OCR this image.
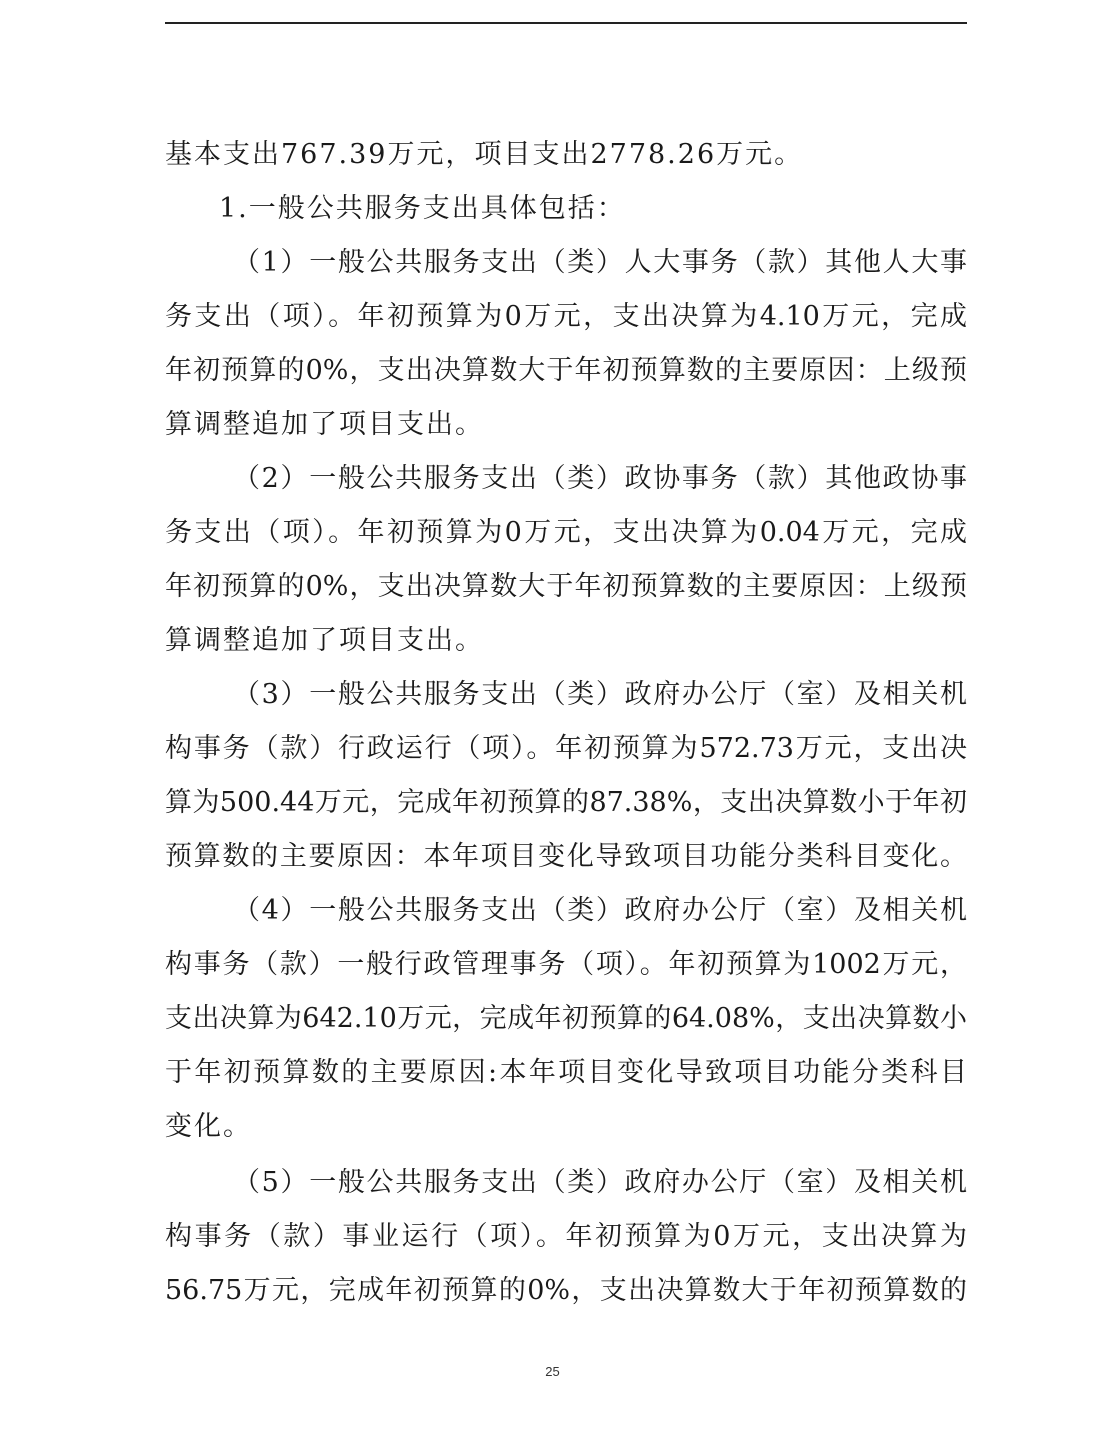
基本支出767.39万元，项目支出2778.26万元。
1.一般公共服务支出具体包括：
（1）一般公共服务支出（类）人大事务（款）其他人大事
务支出（项）。年初预算为0万元，支出决算为4.10万元，完成
年初预算的0%，支出决算数大于年初预算数的主要原因：上级预
算调整追加了项目支出。
（2）一般公共服务支出（类）政协事务（款）其他政协事
务支出（项）。年初预算为0万元，支出决算为0.04万元，完成
年初预算的0%，支出决算数大于年初预算数的主要原因：上级预
算调整追加了项目支出。
（3）一般公共服务支出（类）政府办公厅（室）及相关机
构事务（款）行政运行（项）。年初预算为572.73万元，支出决
算为500.44万元，完成年初预算的87.38%，支出决算数小于年初
预算数的主要原因：本年项目变化导致项目功能分类科目变化。
（4）一般公共服务支出（类）政府办公厅（室）及相关机
构事务（款）一般行政管理事务（项）。年初预算为1002万元，
支出决算为642.10万元，完成年初预算的64.08%，支出决算数小
于年初预算数的主要原因:本年项目变化导致项目功能分类科目
变化。
（5）一般公共服务支出（类）政府办公厅（室）及相关机
构事务（款）事业运行（项）。年初预算为0万元，支出决算为
56.75万元，完成年初预算的0%，支出决算数大于年初预算数的
25
